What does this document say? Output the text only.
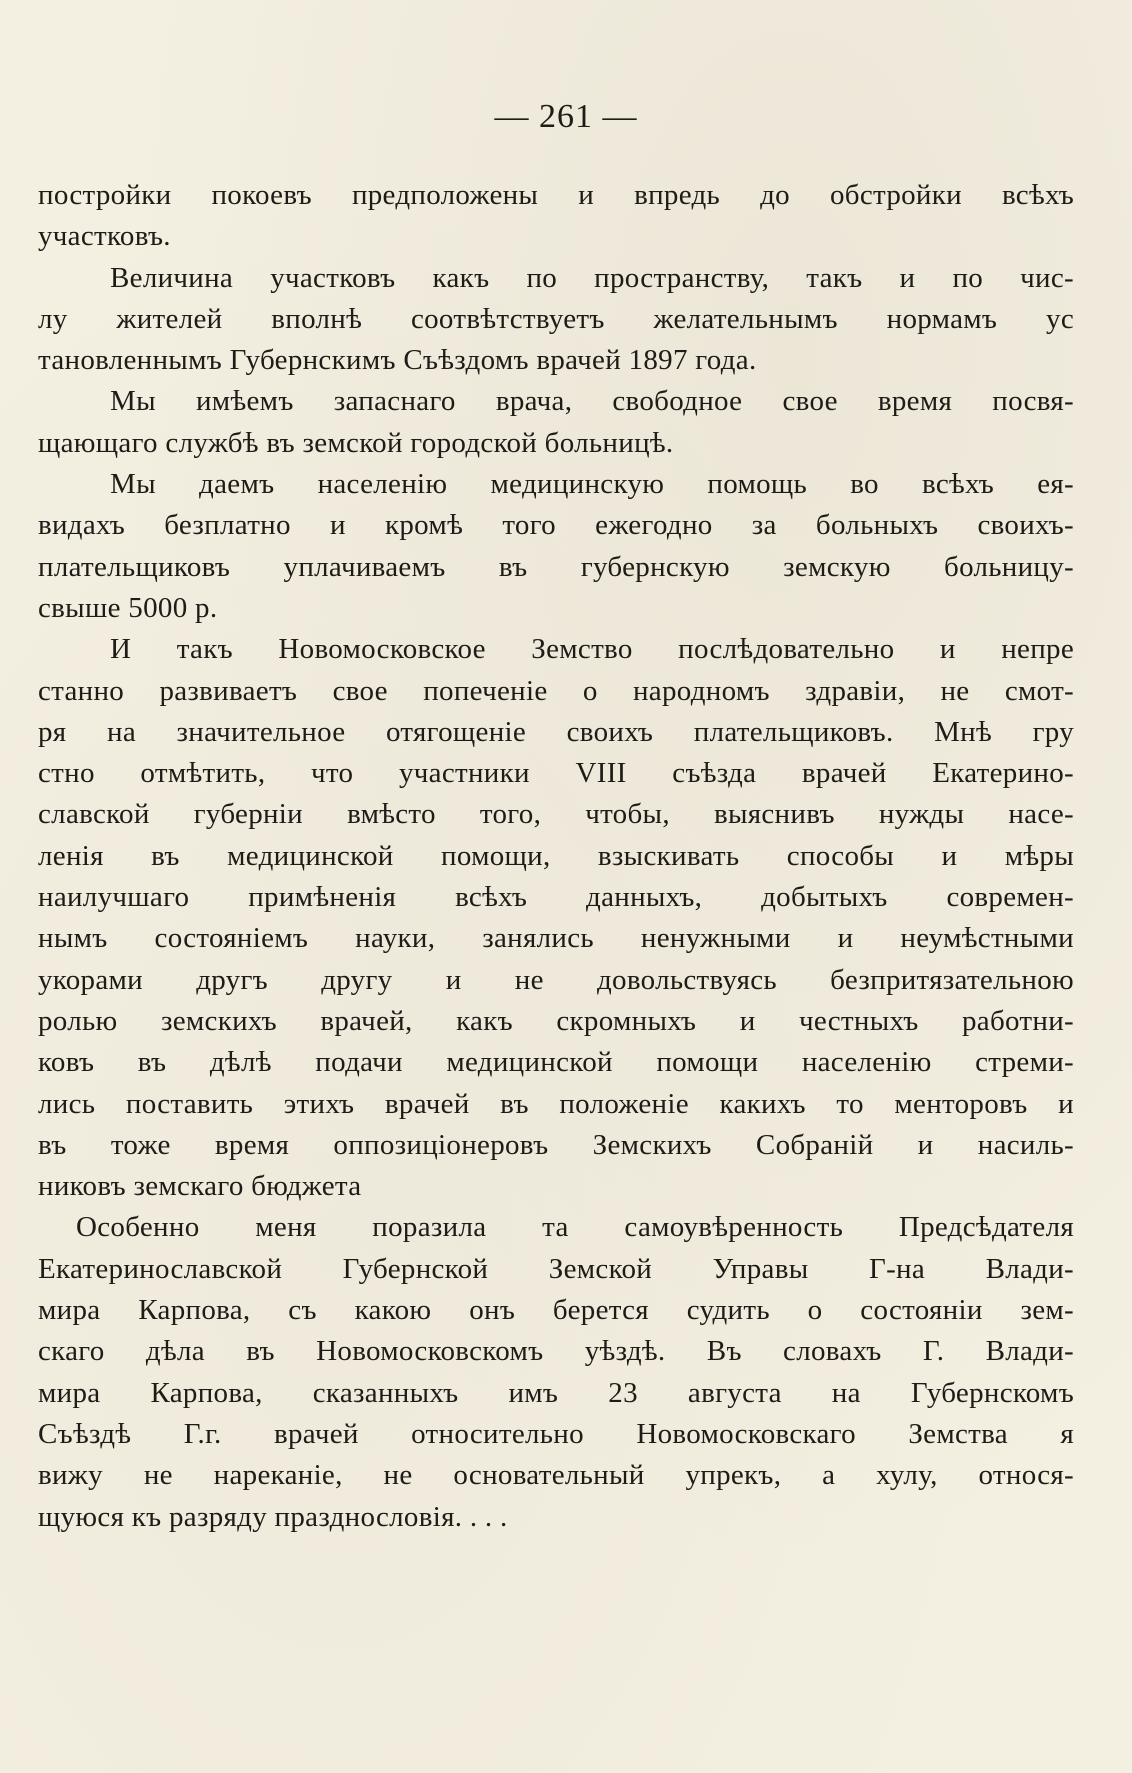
— 261 —
постройки покоевъ предположены и впредь до обстройки всѣхъ
участковъ.
Величина участковъ какъ по пространству, такъ и по чис-
лу жителей вполнѣ соотвѣтствуетъ желательнымъ нормамъ ус
тановленнымъ Губернскимъ Съѣздомъ врачей 1897 года.
Мы имѣемъ запаснаго врача, свободное свое время посвя-
щающаго службѣ въ земской городской больницѣ.
Мы даемъ населенію медицинскую помощь во всѣхъ ея-
видахъ безплатно и кромѣ того ежегодно за больныхъ своихъ-
плательщиковъ уплачиваемъ въ губернскую земскую больницу-
свыше 5000 р.
И такъ Новомосковское Земство послѣдовательно и непре
станно развиваетъ свое попеченіе о народномъ здравіи, не смот-
ря на значительное отягощеніе своихъ плательщиковъ. Мнѣ гру
стно отмѣтить, что участники VIII съѣзда врачей Екатерино-
славской губерніи вмѣсто того, чтобы, выяснивъ нужды насе-
ленія въ медицинской помощи, взыскивать способы и мѣры
наилучшаго примѣненія всѣхъ данныхъ, добытыхъ современ-
нымъ состояніемъ науки, занялись ненужными и неумѣстными
укорами другъ другу и не довольствуясь безпритязательною
ролью земскихъ врачей, какъ скромныхъ и честныхъ работни-
ковъ въ дѣлѣ подачи медицинской помощи населенію стреми-
лись поставить этихъ врачей въ положеніе какихъ то менторовъ и
въ тоже время оппозиціонеровъ Земскихъ Собраній и насиль-
никовъ земскаго бюджета
Особенно меня поразила та самоувѣренность Предсѣдателя
Екатеринославской Губернской Земской Управы Г-на Влади-
мира Карпова, съ какою онъ берется судить о состояніи зем-
скаго дѣла въ Новомосковскомъ уѣздѣ. Въ словахъ Г. Влади-
мира Карпова, сказанныхъ имъ 23 августа на Губернскомъ
Съѣздѣ Г.г. врачей относительно Новомосковскаго Земства я
вижу не нареканіе, не основательный упрекъ, а хулу, относя-
щуюся къ разряду празднословія. . . .
